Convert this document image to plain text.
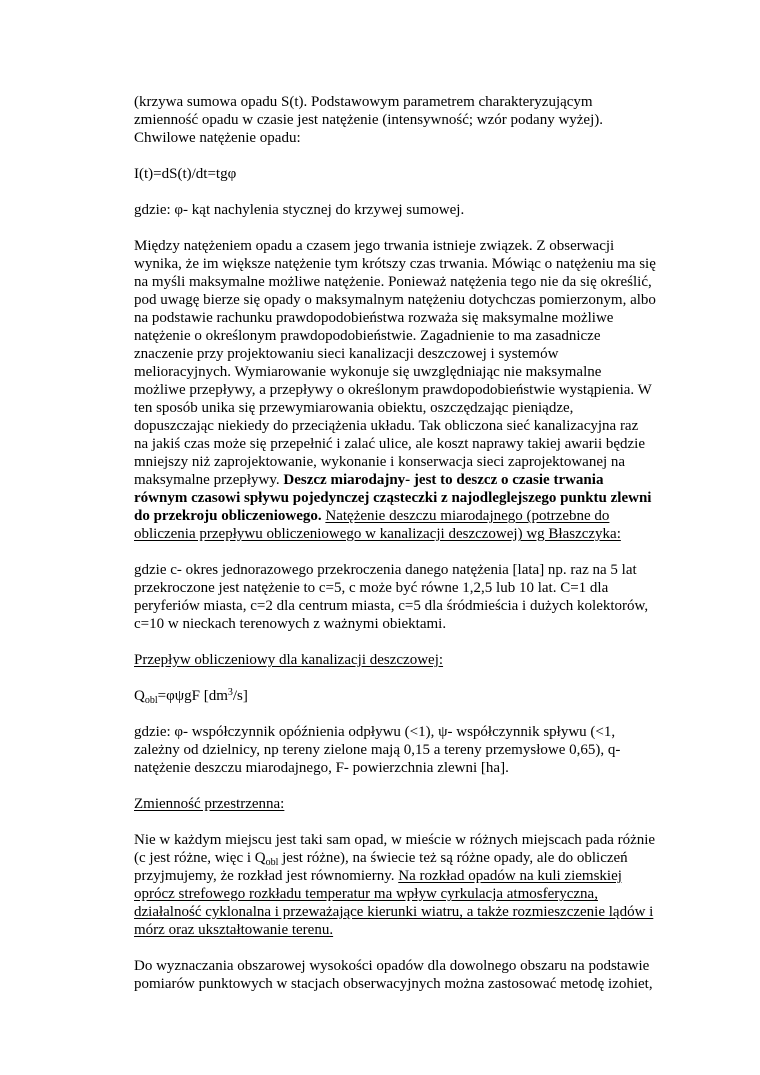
(krzywa sumowa opadu S(t). Podstawowym parametrem charakteryzującym
zmienność opadu w czasie jest natężenie (intensywność; wzór podany wyżej).
Chwilowe natężenie opadu:

I(t)=dS(t)/dt=tgφ

gdzie: φ- kąt nachylenia stycznej do krzywej sumowej.

Między natężeniem opadu a czasem jego trwania istnieje związek. Z obserwacji
wynika, że im większe natężenie tym krótszy czas trwania. Mówiąc o natężeniu ma się
na myśli maksymalne możliwe natężenie. Ponieważ natężenia tego nie da się określić,
pod uwagę bierze się opady o maksymalnym natężeniu dotychczas pomierzonym, albo
na podstawie rachunku prawdopodobieństwa rozważa się maksymalne możliwe
natężenie o określonym prawdopodobieństwie. Zagadnienie to ma zasadnicze
znaczenie przy projektowaniu sieci kanalizacji deszczowej i systemów
melioracyjnych. Wymiarowanie wykonuje się uwzględniając nie maksymalne
możliwe przepływy, a przepływy o określonym prawdopodobieństwie wystąpienia. W
ten sposób unika się przewymiarowania obiektu, oszczędzając pieniądze,
dopuszczając niekiedy do przeciążenia układu. Tak obliczona sieć kanalizacyjna raz
na jakiś czas może się przepełnić i zalać ulice, ale koszt naprawy takiej awarii będzie
mniejszy niż zaprojektowanie, wykonanie i konserwacja sieci zaprojektowanej na
maksymalne przepływy. Deszcz miarodajny- jest to deszcz o czasie trwania
równym czasowi spływu pojedynczej cząsteczki z najodleglejszego punktu zlewni
do przekroju obliczeniowego. Natężenie deszczu miarodajnego (potrzebne do
obliczenia przepływu obliczeniowego w kanalizacji deszczowej) wg Błaszczyka:

gdzie c- okres jednorazowego przekroczenia danego natężenia [lata] np. raz na 5 lat
przekroczone jest natężenie to c=5, c może być równe 1,2,5 lub 10 lat. C=1 dla
peryferiów miasta, c=2 dla centrum miasta, c=5 dla śródmieścia i dużych kolektorów,
c=10 w nieckach terenowych z ważnymi obiektami.

Przepływ obliczeniowy dla kanalizacji deszczowej:

$Q_{obl}=\varphi\psi gF$ $[dm^3/s]$

gdzie: φ- współczynnik opóźnienia odpływu (<1), ψ- współczynnik spływu (<1,
zależny od dzielnicy, np tereny zielone mają 0,15 a tereny przemysłowe 0,65), q-
natężenie deszczu miarodajnego, F- powierzchnia zlewni [ha].

Zmienność przestrzenna:

Nie w każdym miejscu jest taki sam opad, w mieście w różnych miejscach pada różnie
(c jest różne, więc i $Q_{obl}$ jest różne), na świecie też są różne opady, ale do obliczeń
przyjmujemy, że rozkład jest równomierny. Na rozkład opadów na kuli ziemskiej
oprócz strefowego rozkładu temperatur ma wpływ cyrkulacja atmosferyczna,
działalność cyklonalna i przeważające kierunki wiatru, a także rozmieszczenie lądów i
mórz oraz ukształtowanie terenu.

Do wyznaczania obszarowej wysokości opadów dla dowolnego obszaru na podstawie
pomiarów punktowych w stacjach obserwacyjnych można zastosować metodę izohiet,
